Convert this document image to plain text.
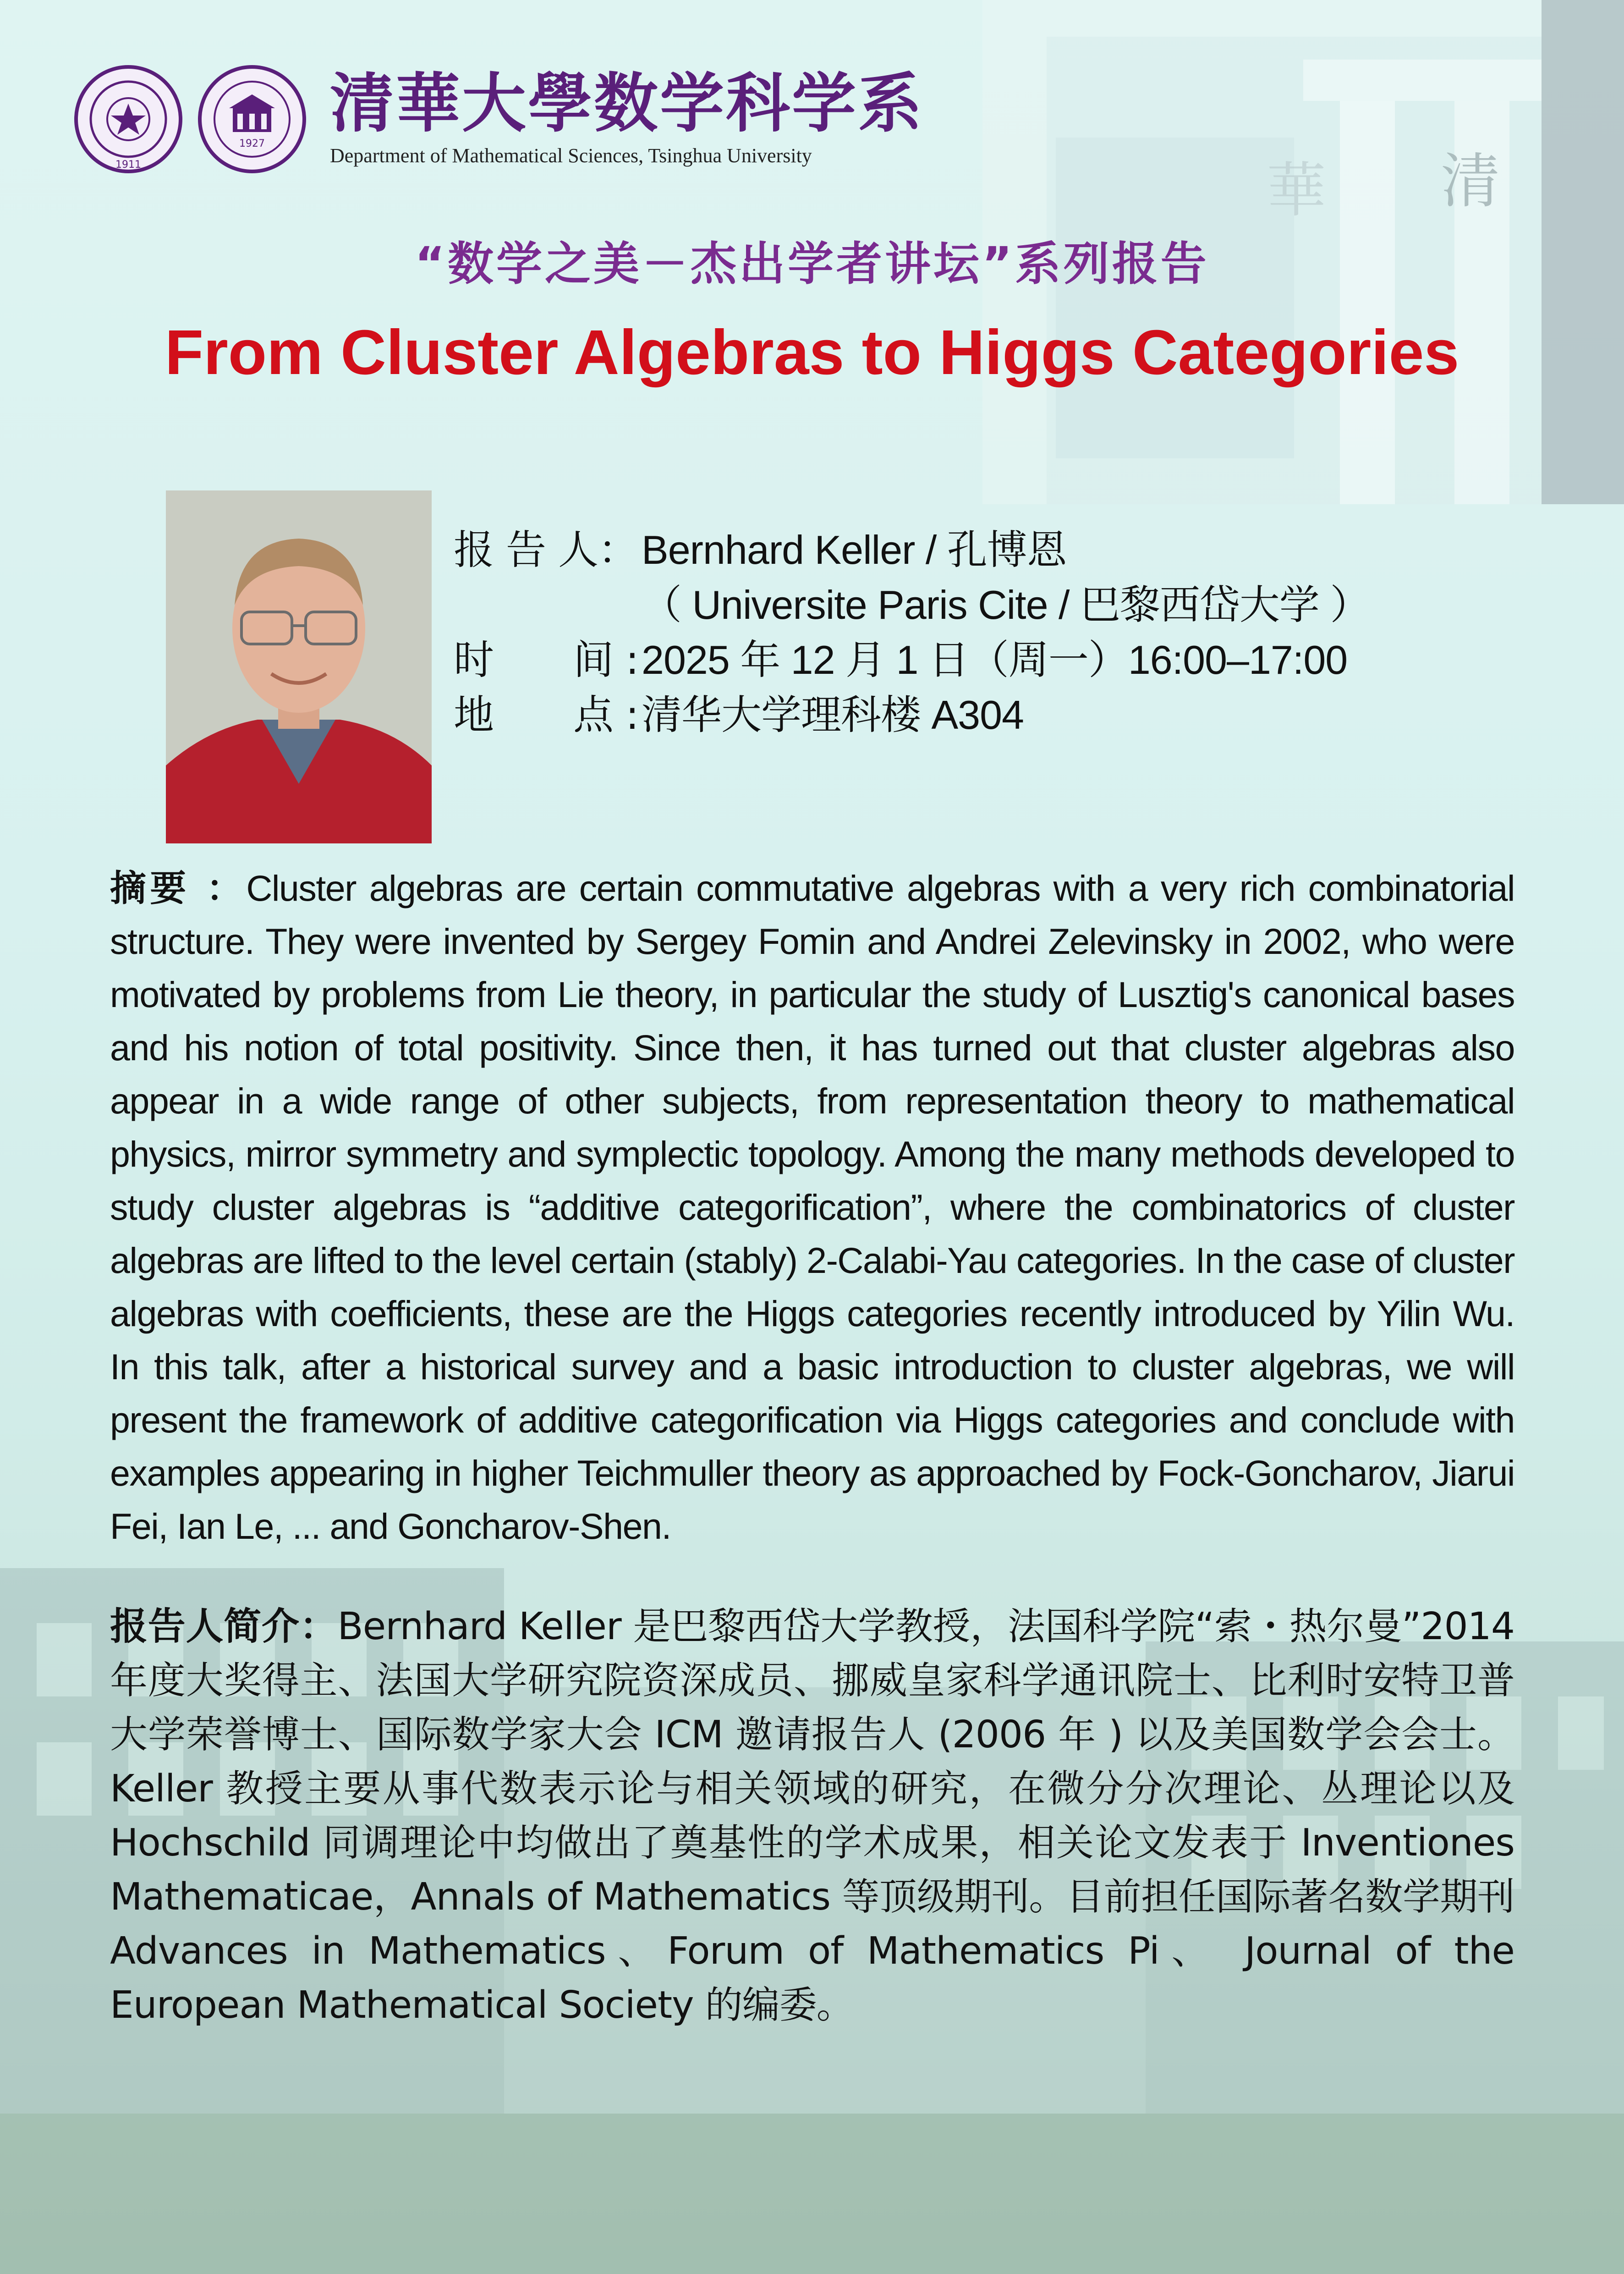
清
華
1911
1927
清華大學数学科学系
Department of Mathematical Sciences, Tsinghua University
“数学之美－杰出学者讲坛”系列报告
From Cluster Algebras to Higgs Categories
报 告 人： Bernhard Keller / 孔博恩
（ Universite Paris Cite / 巴黎西岱大学 ）
时　　间 : 2025 年 12 月 1 日（周一）16:00–17:00
地　　点 : 清华大学理科楼 A304
摘要 ：Cluster algebras are certain commutative algebras with a very rich combinatorial structure. They were invented by Sergey Fomin and Andrei Zelevinsky in 2002, who were motivated by problems from Lie theory, in particular the study of Lusztig's canonical bases and his notion of total positivity. Since then, it has turned out that cluster algebras also appear in a wide range of other subjects, from representation theory to mathematical physics, mirror symmetry and symplectic topology. Among the many methods developed to study cluster algebras is “additive categorification”, where the combinatorics of cluster algebras are lifted to the level certain (stably) 2-Calabi-Yau categories. In the case of cluster algebras with coefficients, these are the Higgs categories recently introduced by Yilin Wu. In this talk, after a historical survey and a basic introduction to cluster algebras, we will present the framework of additive categorification via Higgs categories and conclude with examples appearing in higher Teichmuller theory as approached by Fock-Goncharov, Jiarui Fei, Ian Le, ... and Goncharov-Shen.
报告人简介：Bernhard Keller 是巴黎西岱大学教授，法国科学院“索・热尔曼”2014 年度大奖得主、法国大学研究院资深成员、挪威皇家科学通讯院士、比利时安特卫普大学荣誉博士、国际数学家大会 ICM 邀请报告人 (2006 年 ) 以及美国数学会会士。Keller 教授主要从事代数表示论与相关领域的研究，在微分分次理论、丛理论以及 Hochschild 同调理论中均做出了奠基性的学术成果，相关论文发表于 Inventiones Mathematicae，Annals of Mathematics 等顶级期刊。目前担任国际著名数学期刊 Advances in Mathematics、Forum of Mathematics Pi、 Journal of the European Mathematical Society 的编委。
